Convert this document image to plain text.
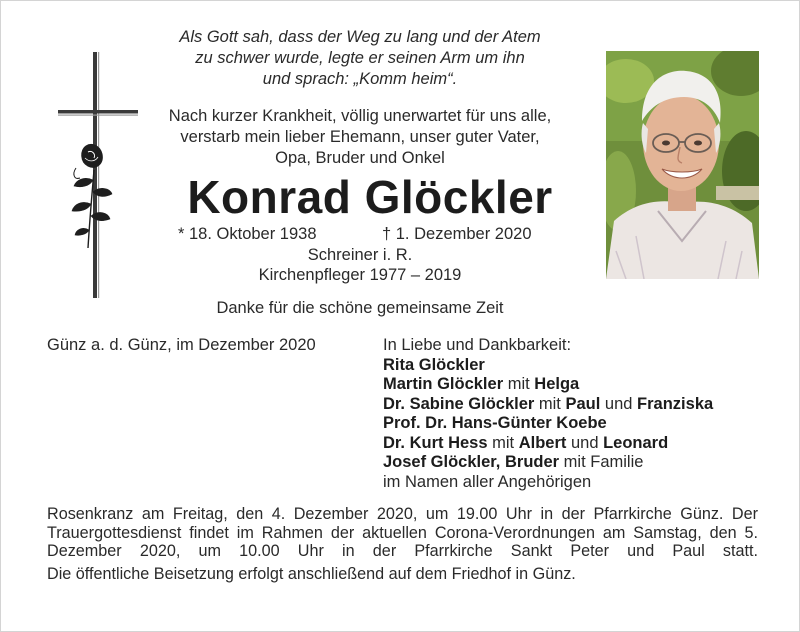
Als Gott sah, dass der Weg zu lang und der Atem
zu schwer wurde, legte er seinen Arm um ihn
und sprach: „Komm heim“.
Nach kurzer Krankheit, völlig unerwartet für uns alle,
verstarb mein lieber Ehemann, unser guter Vater,
Opa, Bruder und Onkel
Konrad Glöckler
* 18. Oktober 1938	† 1. Dezember 2020
Schreiner i. R.
Kirchenpfleger 1977 – 2019
Danke für die schöne gemeinsame Zeit
Günz a. d. Günz, im Dezember 2020	In Liebe und Dankbarkeit:
Rita Glöckler
Martin Glöckler mit Helga
Dr. Sabine Glöckler mit Paul und Franziska
Prof. Dr. Hans-Günter Koebe
Dr. Kurt Hess mit Albert und Leonard
Josef Glöckler, Bruder mit Familie
im Namen aller Angehörigen

Rosenkranz am Freitag, den 4. Dezember 2020, um 19.00 Uhr in der Pfarrkirche Günz. Der Trauergottesdienst findet im Rahmen der aktuellen Corona-Verordnungen am Samstag, den 5. Dezember 2020, um 10.00 Uhr in der Pfarrkirche Sankt Peter und Paul statt.

Die öffentliche Beisetzung erfolgt anschließend auf dem Friedhof in Günz.
